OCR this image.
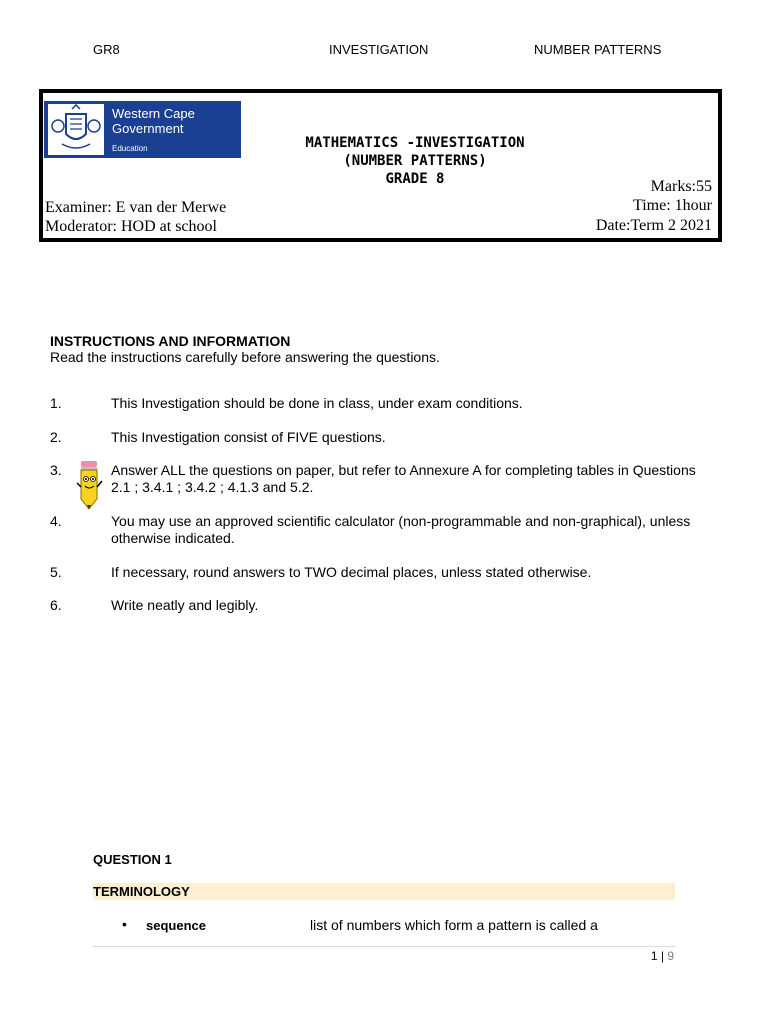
GR8	INVESTIGATION	NUMBER PATTERNS
Western Cape
Government
Education	MATHEMATICS -INVESTIGATION
(NUMBER PATTERNS)
GRADE 8
Examiner: E van der Merwe
Moderator: HOD at school
Marks:55
Time: 1hour
Date:Term 2 2021
INSTRUCTIONS AND INFORMATION
Read the instructions carefully before answering the questions.
1.	This Investigation should be done in class, under exam conditions.
2.	This Investigation consist of FIVE questions.
3.	Answer ALL the questions on paper, but refer to Annexure A for completing tables in Questions 2.1 ; 3.4.1 ; 3.4.2 ; 4.1.3 and 5.2.
4.	You may use an approved scientific calculator (non-programmable and non-graphical), unless otherwise indicated.
5.	If necessary, round answers to TWO decimal places, unless stated otherwise.
6.	Write neatly and legibly.
QUESTION 1
TERMINOLOGY
• sequence	list of numbers which form a pattern is called a
1 | 9
